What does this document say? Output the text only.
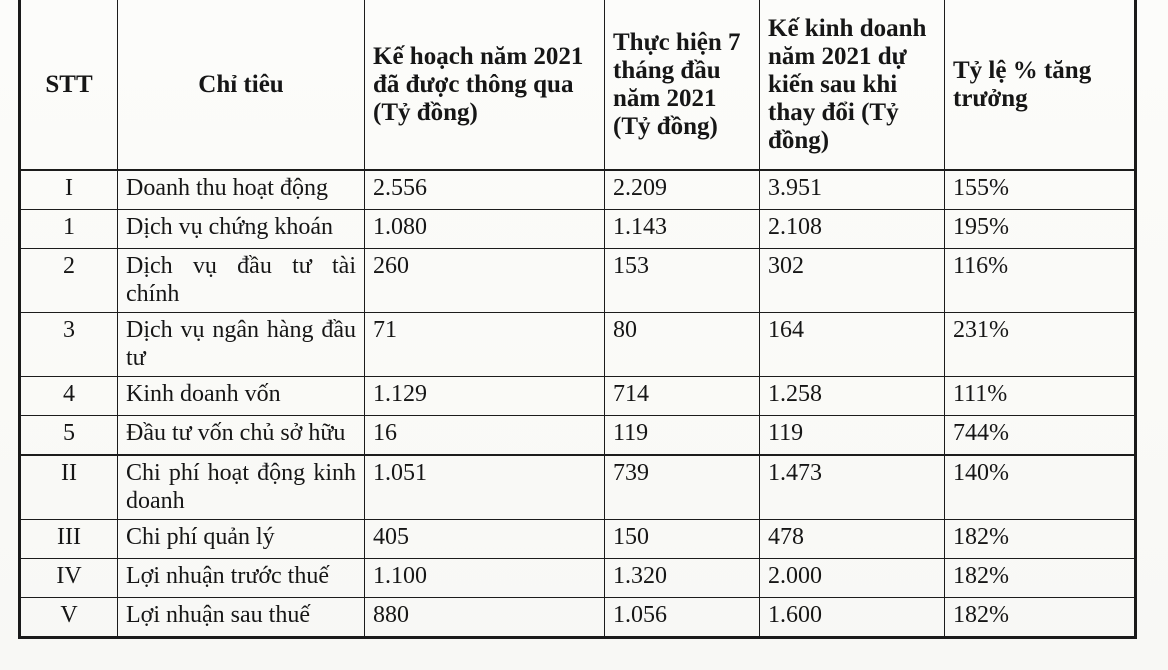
STT	Chỉ tiêu	Kế hoạch năm 2021 đã được thông qua (Tỷ đồng)	Thực hiện 7 tháng đầu năm 2021 (Tỷ đồng)	Kế kinh doanh năm 2021 dự kiến sau khi thay đổi (Tỷ đồng)	Tỷ lệ % tăng trưởng
I	Doanh thu hoạt động	2.556	2.209	3.951	155%
1	Dịch vụ chứng khoán	1.080	1.143	2.108	195%
2	Dịch vụ đầu tư tài chính	260	153	302	116%
3	Dịch vụ ngân hàng đầu tư	71	80	164	231%
4	Kinh doanh vốn	1.129	714	1.258	111%
5	Đầu tư vốn chủ sở hữu	16	119	119	744%
II	Chi phí hoạt động kinh doanh	1.051	739	1.473	140%
III	Chi phí quản lý	405	150	478	182%
IV	Lợi nhuận trước thuế	1.100	1.320	2.000	182%
V	Lợi nhuận sau thuế	880	1.056	1.600	182%
